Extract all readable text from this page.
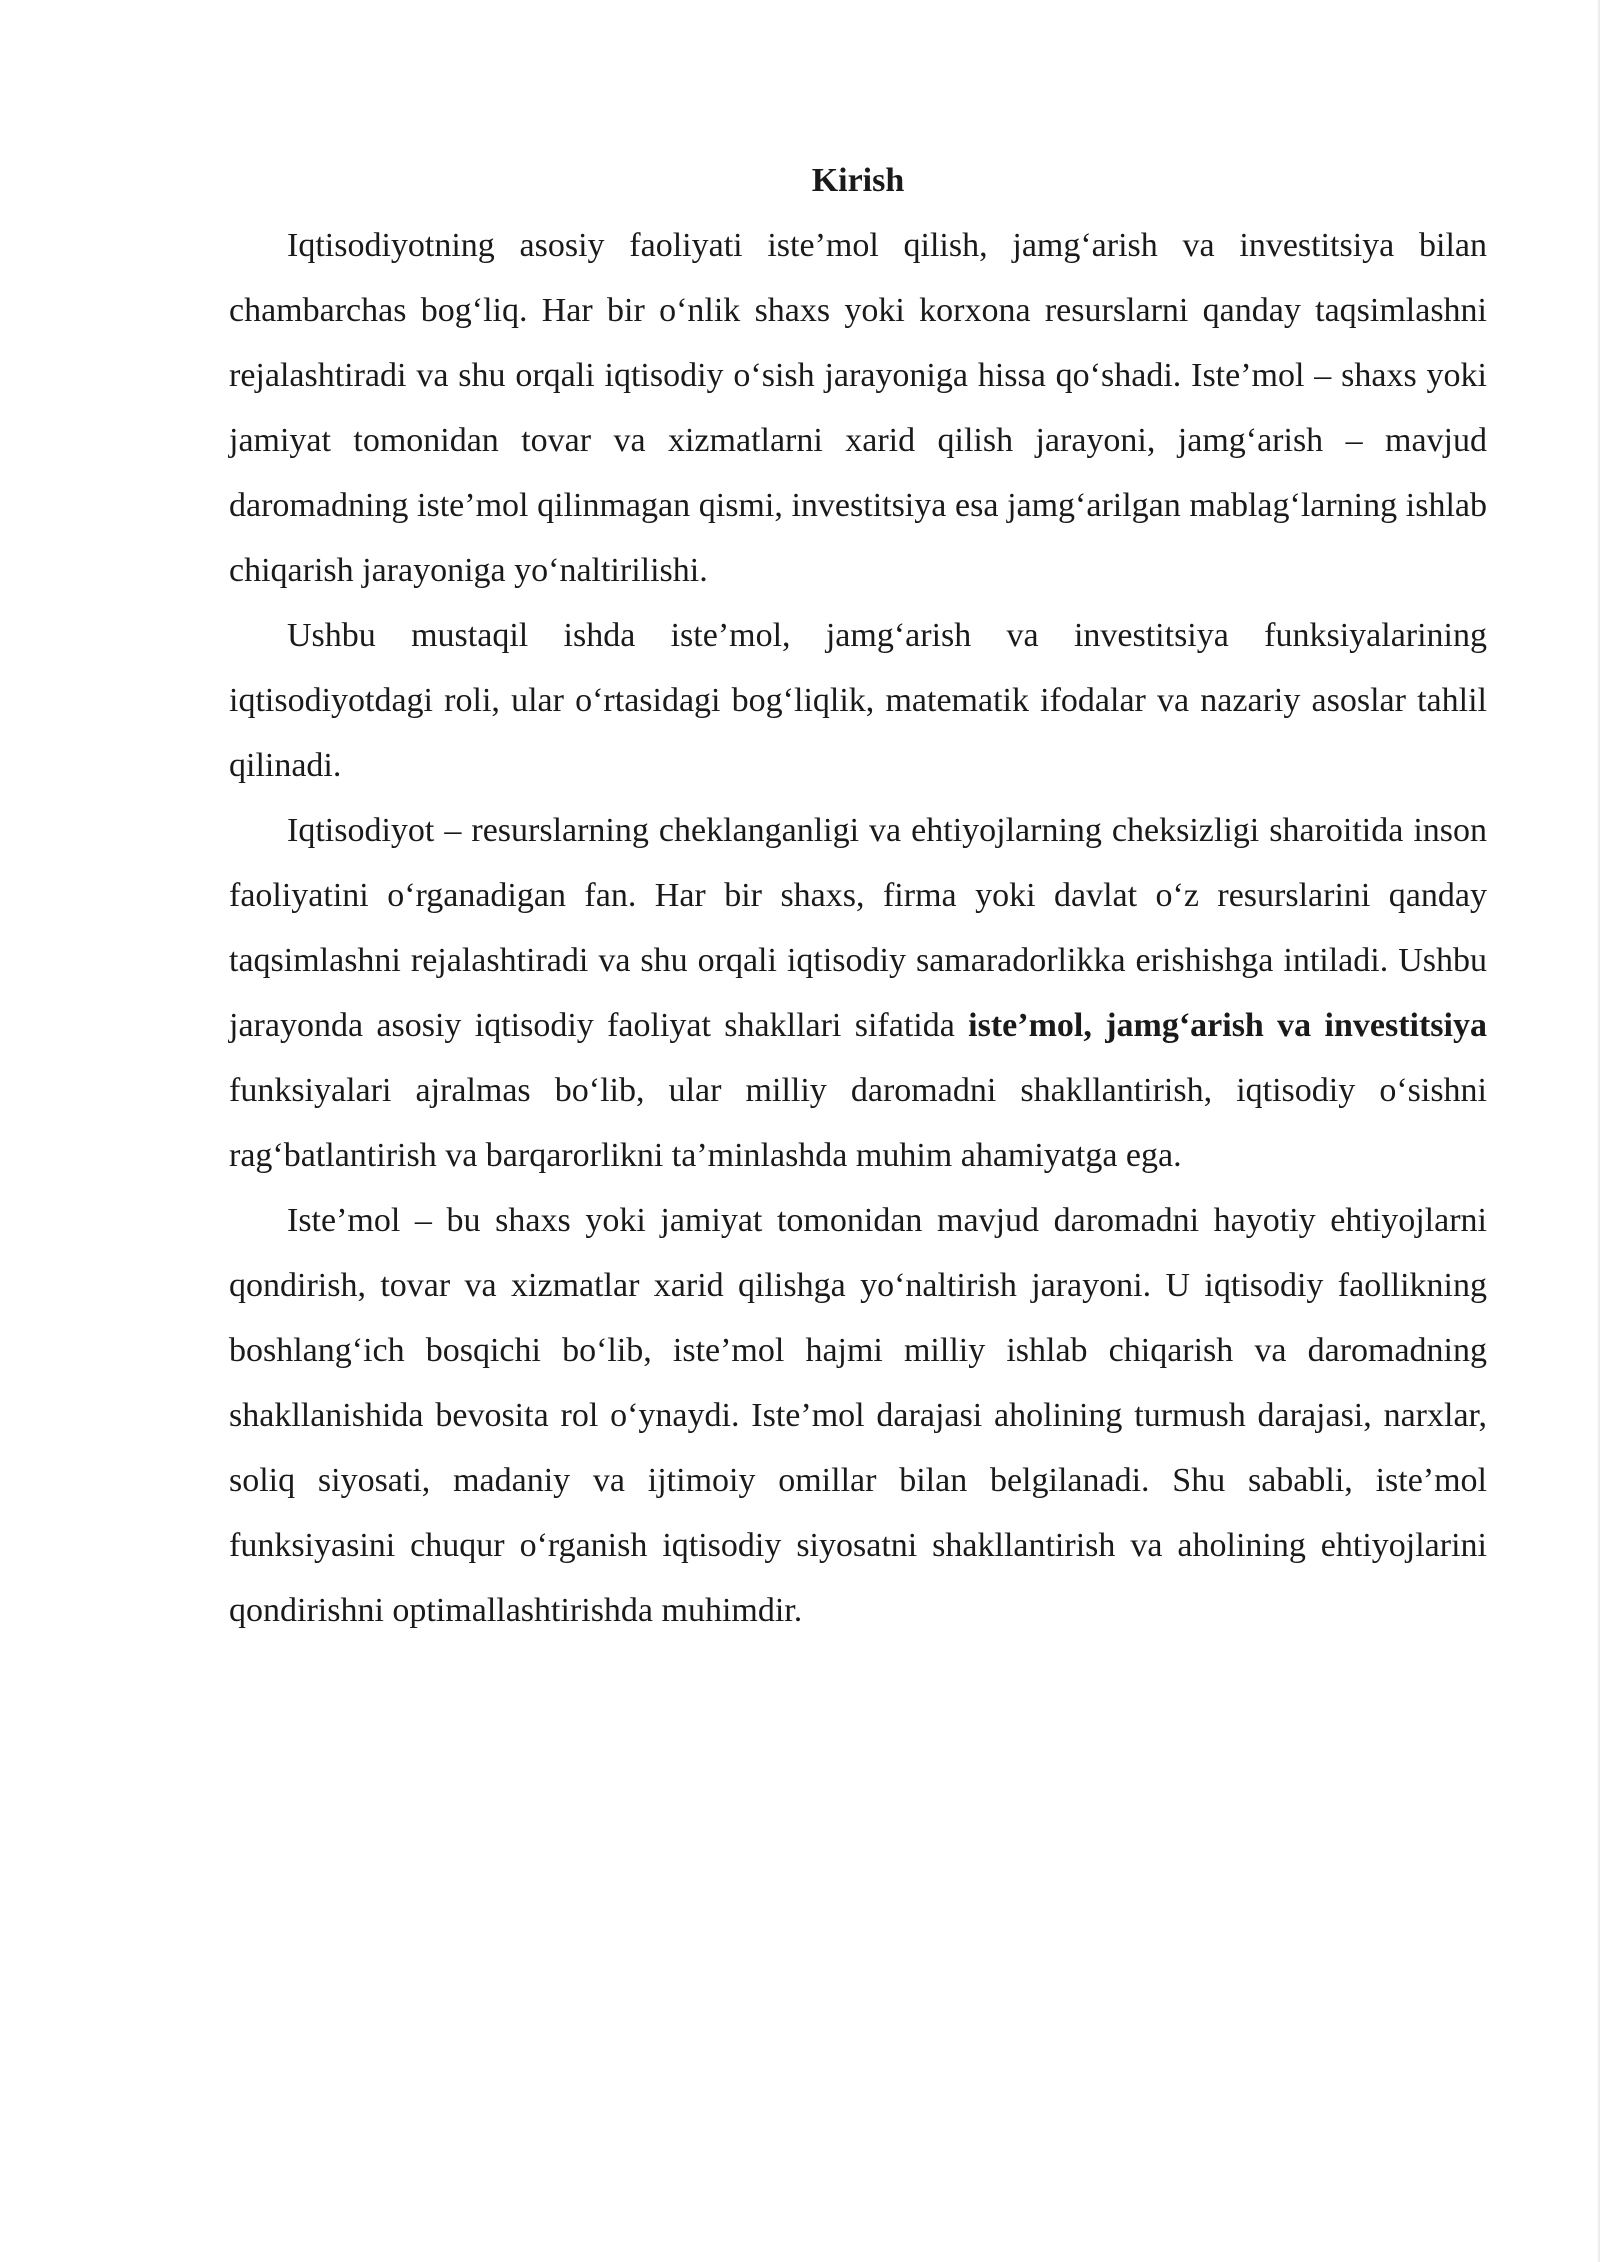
Kirish

Iqtisodiyotning asosiy faoliyati iste’mol qilish, jamg‘arish va investitsiya bilan chambarchas bog‘liq. Har bir o‘nlik shaxs yoki korxona resurslarni qanday taqsimlashni rejalashtiradi va shu orqali iqtisodiy o‘sish jarayoniga hissa qo‘shadi. Iste’mol – shaxs yoki jamiyat tomonidan tovar va xizmatlarni xarid qilish jarayoni, jamg‘arish – mavjud daromadning iste’mol qilinmagan qismi, investitsiya esa jamg‘arilgan mablag‘larning ishlab chiqarish jarayoniga yo‘naltirilishi.

Ushbu mustaqil ishda iste’mol, jamg‘arish va investitsiya funksiyalarining iqtisodiyotdagi roli, ular o‘rtasidagi bog‘liqlik, matematik ifodalar va nazariy asoslar tahlil qilinadi.

Iqtisodiyot – resurslarning cheklanganligi va ehtiyojlarning cheksizligi sharoitida inson faoliyatini o‘rganadigan fan. Har bir shaxs, firma yoki davlat o‘z resurslarini qanday taqsimlashni rejalashtiradi va shu orqali iqtisodiy samaradorlikka erishishga intiladi. Ushbu jarayonda asosiy iqtisodiy faoliyat shakllari sifatida iste’mol, jamg‘arish va investitsiya funksiyalari ajralmas bo‘lib, ular milliy daromadni shakllantirish, iqtisodiy o‘sishni rag‘batlantirish va barqarorlikni ta’minlashda muhim ahamiyatga ega.

Iste’mol – bu shaxs yoki jamiyat tomonidan mavjud daromadni hayotiy ehtiyojlarni qondirish, tovar va xizmatlar xarid qilishga yo‘naltirish jarayoni. U iqtisodiy faollikning boshlang‘ich bosqichi bo‘lib, iste’mol hajmi milliy ishlab chiqarish va daromadning shakllanishida bevosita rol o‘ynaydi. Iste’mol darajasi aholining turmush darajasi, narxlar, soliq siyosati, madaniy va ijtimoiy omillar bilan belgilanadi. Shu sababli, iste’mol funksiyasini chuqur o‘rganish iqtisodiy siyosatni shakllantirish va aholining ehtiyojlarini qondirishni optimallashtirishda muhimdir.
